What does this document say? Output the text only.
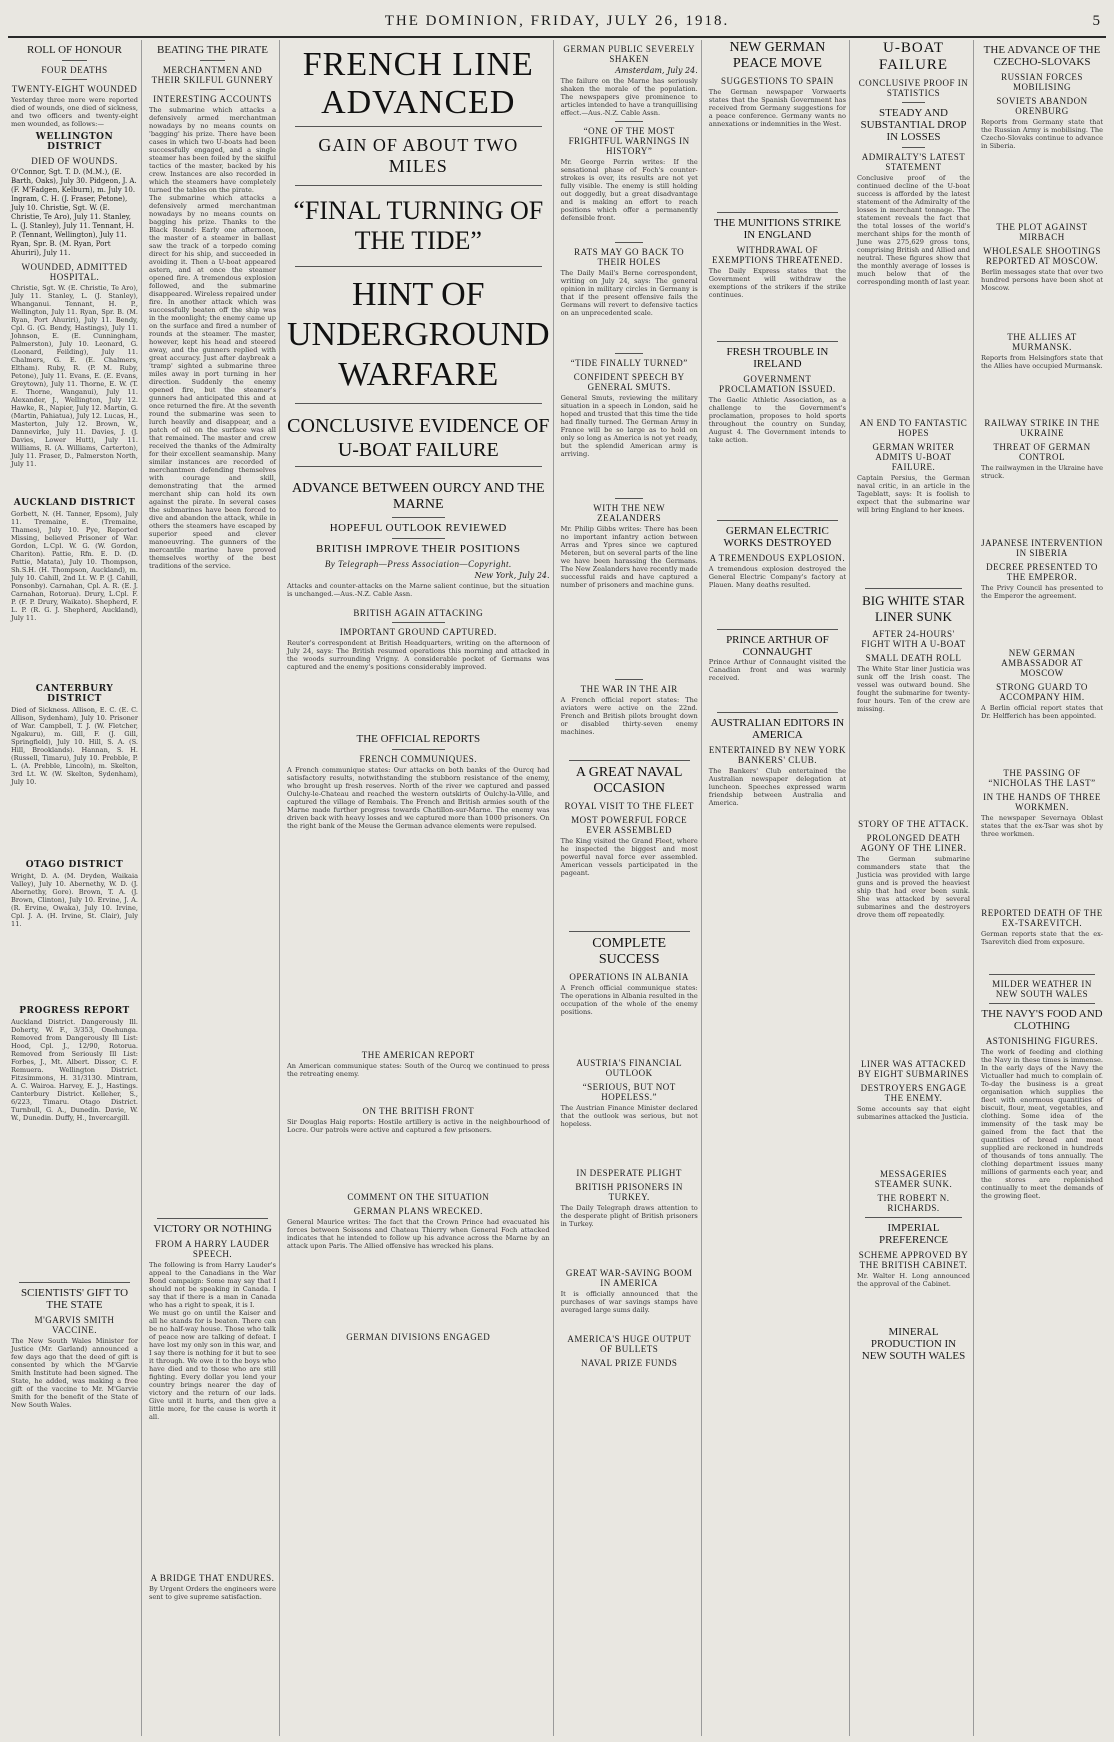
THE DOMINION, FRIDAY, JULY 26, 1918.	5
ROLL OF HONOUR
FOUR DEATHS
TWENTY-EIGHT WOUNDED
Yesterday three more were reported died of wounds, one died of sickness, and two officers and twenty-eight men wounded, as follows:—
WELLINGTON DISTRICT
DIED OF WOUNDS.
O'Connor, Sgt. T. D. (M.M.), (E. Barth, Oaks), July 30. Pidgeon, J. A. (F. M'Fadgen, Kelburn), m. July 10. Ingram, C. H. (J. Fraser, Petone), July 10. Christie, Sgt. W. (E. Christie, Te Aro), July 11. Stanley, L. (J. Stanley), July 11. Tennant, H. P. (Tennant, Wellington), July 11. Ryan, Spr. B. (M. Ryan, Port Ahuriri), July 11.
WOUNDED, ADMITTED HOSPITAL.
Christie, Sgt. W. (E. Christie, Te Aro), July 11. Stanley, L. (J. Stanley), Whanganui. Tennant, H. P., Wellington, July 11. Ryan, Spr. B. (M. Ryan, Port Ahuriri), July 11. Bendy, Cpl. G. (G. Bendy, Hastings), July 11. Johnson, E. (E. Cunningham, Palmerston), July 10. Leonard, G. (Leonard, Feilding), July 11. Chalmers, G. E. (E. Chalmers, Eltham). Ruby, R. (P. M. Ruby, Petone), July 11. Evans, E. (E. Evans, Greytown), July 11. Thorne, E. W. (T. E. Thorne, Wanganui), July 11. Alexander, J., Wellington, July 12. Hawke, R., Napier, July 12. Martin, G. (Martin, Pahiatua), July 12. Lucas, H., Masterton, July 12. Brown, W., Dannevirke, July 11. Davies, J. (J. Davies, Lower Hutt), July 11. Williams, R. (A. Williams, Carterton), July 11. Fraser, D., Palmerston North, July 11.
AUCKLAND DISTRICT
Gorbett, N. (H. Tanner, Epsom), July 11. Tremaine, E. (Tremaine, Thames), July 10. Pye, Reported Missing, believed Prisoner of War. Gordon, L.Cpl. W. G. (W. Gordon, Chariton). Pattie, Rfn. E. D. (D. Pattie, Matata), July 10. Thompson, Sh.S.H. (H. Thompson, Auckland), m. July 10. Cahill, 2nd Lt. W. P. (J. Cahill, Ponsonby). Carnahan, Cpl. A. R. (E. J. Carnahan, Rotorua). Drury, L.Cpl. F. P. (F. P. Drury, Waikato). Shepherd, F. L. P. (R. G. J. Shepherd, Auckland), July 11.
CANTERBURY DISTRICT
Died of Sickness. Allison, E. C. (E. C. Allison, Sydenham), July 10. Prisoner of War. Campbell, T. J. (W. Fletcher, Ngakuru), m. Gill, F. (J. Gill, Springfield), July 10. Hill, S. A. (S. Hill, Brooklands). Hannan, S. H. (Russell, Timaru), July 10. Prebble, P. L. (A. Prebble, Lincoln), m. Skelton, 3rd Lt. W. (W. Skelton, Sydenham), July 10.
OTAGO DISTRICT
Wright, D. A. (M. Dryden, Waikaia Valley), July 10. Abernethy, W. D. (J. Abernethy, Gore). Brown, T. A. (J. Brown, Clinton), July 10. Ervine, J. A. (R. Ervine, Owaka), July 10. Irvine, Cpl. J. A. (H. Irvine, St. Clair), July 11.
PROGRESS REPORT
Auckland District. Dangerously Ill. Doherty, W. F., 3/353, Onehunga. Removed from Dangerously Ill List: Hood, Cpl. J., 12/90, Rotorua. Removed from Seriously Ill List: Forbes, J., Mt. Albert. Dissor, C. F. Remuera. Wellington District. Fitzsimmons, H. 31/3130. Mintram, A. C. Wairoa. Harvey, E. J., Hastings. Canterbury District. Kelleher, S., 6/223, Timaru. Otago District. Turnbull, G. A., Dunedin. Davie, W. W., Dunedin. Duffy, H., Invercargill.
SCIENTISTS' GIFT TO THE STATE
M'GARVIS SMITH VACCINE.
The New South Wales Minister for Justice (Mr. Garland) announced a few days ago that the deed of gift is consented by which the M'Garvie Smith Institute had been signed. The State, he added, was making a free gift of the vaccine to Mr. M'Garvie Smith for the benefit of the State of New South Wales.
BEATING THE PIRATE
MERCHANTMEN AND THEIR SKILFUL GUNNERY
INTERESTING ACCOUNTS
The submarine which attacks a defensively armed merchantman nowadays by no means counts on 'bagging' his prize. There have been cases in which two U-boats had been successfully engaged, and a single steamer has been foiled by the skilful tactics of the master, backed by his crew. Instances are also recorded in which the steamers have completely turned the tables on the pirate.
The submarine which attacks a defensively armed merchantman nowadays by no means counts on bagging his prize. Thanks to the Black Round: Early one afternoon, the master of a steamer in ballast saw the track of a torpedo coming direct for his ship, and succeeded in avoiding it. Then a U-boat appeared astern, and at once the steamer opened fire. A tremendous explosion followed, and the submarine disappeared. Wireless repaired under fire. In another attack which was successfully beaten off the ship was in the moonlight; the enemy came up on the surface and fired a number of rounds at the steamer. The master, however, kept his head and steered away, and the gunners replied with great accuracy. Just after daybreak a 'tramp' sighted a submarine three miles away in port turning in her direction. Suddenly the enemy opened fire, but the steamer's gunners had anticipated this and at once returned the fire. At the seventh round the submarine was seen to lurch heavily and disappear, and a patch of oil on the surface was all that remained. The master and crew received the thanks of the Admiralty for their excellent seamanship. Many similar instances are recorded of merchantmen defending themselves with courage and skill, demonstrating that the armed merchant ship can hold its own against the pirate. In several cases the submarines have been forced to dive and abandon the attack, while in others the steamers have escaped by superior speed and clever manoeuvring. The gunners of the mercantile marine have proved themselves worthy of the best traditions of the service.
VICTORY OR NOTHING
FROM A HARRY LAUDER SPEECH.
The following is from Harry Lauder's appeal to the Canadians in the War Bond campaign: Some may say that I should not be speaking in Canada. I say that if there is a man in Canada who has a right to speak, it is I.
We must go on until the Kaiser and all he stands for is beaten. There can be no half-way house. Those who talk of peace now are talking of defeat. I have lost my only son in this war, and I say there is nothing for it but to see it through. We owe it to the boys who have died and to those who are still fighting. Every dollar you lend your country brings nearer the day of victory and the return of our lads. Give until it hurts, and then give a little more, for the cause is worth it all.
A BRIDGE THAT ENDURES.
By Urgent Orders the engineers were sent to give supreme satisfaction.
FRENCH LINE ADVANCED
GAIN OF ABOUT TWO MILES
“FINAL TURNING OF THE TIDE”
HINT OF UNDERGROUND WARFARE
CONCLUSIVE EVIDENCE OF U-BOAT FAILURE
ADVANCE BETWEEN OURCY AND THE MARNE
HOPEFUL OUTLOOK REVIEWED
BRITISH IMPROVE THEIR POSITIONS
By Telegraph—Press Association—Copyright.
New York, July 24.
Attacks and counter-attacks on the Marne salient continue, but the situation is unchanged.—Aus.-N.Z. Cable Assn.
BRITISH AGAIN ATTACKING
IMPORTANT GROUND CAPTURED.
Reuter's correspondent at British Headquarters, writing on the afternoon of July 24, says: The British resumed operations this morning and attacked in the woods surrounding Vrigny. A considerable pocket of Germans was captured and the enemy's positions considerably improved.
THE OFFICIAL REPORTS
FRENCH COMMUNIQUES.
A French communique states: Our attacks on both banks of the Ourcq had satisfactory results, notwithstanding the stubborn resistance of the enemy, who brought up fresh reserves. North of the river we captured and passed Oulchy-le-Chateau and reached the western outskirts of Oulchy-la-Ville, and captured the village of Rembais. The French and British armies south of the Marne made further progress towards Chatillon-sur-Marne. The enemy was driven back with heavy losses and we captured more than 1000 prisoners. On the right bank of the Meuse the German advance elements were repulsed.
THE AMERICAN REPORT
An American communique states: South of the Ourcq we continued to press the retreating enemy.
ON THE BRITISH FRONT
Sir Douglas Haig reports: Hostile artillery is active in the neighbourhood of Locre. Our patrols were active and captured a few prisoners.
COMMENT ON THE SITUATION
GERMAN PLANS WRECKED.
General Maurice writes: The fact that the Crown Prince had evacuated his forces between Soissons and Chateau Thierry when General Foch attacked indicates that he intended to follow up his advance across the Marne by an attack upon Paris. The Allied offensive has wrecked his plans.
GERMAN DIVISIONS ENGAGED
GERMAN PUBLIC SEVERELY SHAKEN
Amsterdam, July 24.
The failure on the Marne has seriously shaken the morale of the population. The newspapers give prominence to articles intended to have a tranquillising effect.—Aus.-N.Z. Cable Assn.
“ONE OF THE MOST FRIGHTFUL WARNINGS IN HISTORY”
Mr. George Perrin writes: If the sensational phase of Foch's counter-strokes is over, its results are not yet fully visible. The enemy is still holding out doggedly, but a great disadvantage and is making an effort to reach positions which offer a permanently defensible front.
RATS MAY GO BACK TO THEIR HOLES
The Daily Mail's Berne correspondent, writing on July 24, says: The general opinion in military circles in Germany is that if the present offensive fails the Germans will revert to defensive tactics on an unprecedented scale.
“TIDE FINALLY TURNED”
CONFIDENT SPEECH BY GENERAL SMUTS.
General Smuts, reviewing the military situation in a speech in London, said he hoped and trusted that this time the tide had finally turned. The German Army in France will be so large as to hold on only so long as America is not yet ready, but the splendid American army is arriving.
WITH THE NEW ZEALANDERS
Mr. Philip Gibbs writes: There has been no important infantry action between Arras and Ypres since we captured Meteren, but on several parts of the line we have been harassing the Germans. The New Zealanders have recently made successful raids and have captured a number of prisoners and machine guns.
THE WAR IN THE AIR
A French official report states: The aviators were active on the 22nd. French and British pilots brought down or disabled thirty-seven enemy machines.
A GREAT NAVAL OCCASION
ROYAL VISIT TO THE FLEET
MOST POWERFUL FORCE EVER ASSEMBLED
The King visited the Grand Fleet, where he inspected the biggest and most powerful naval force ever assembled. American vessels participated in the pageant.
COMPLETE SUCCESS
OPERATIONS IN ALBANIA
A French official communique states: The operations in Albania resulted in the occupation of the whole of the enemy positions.
AUSTRIA'S FINANCIAL OUTLOOK
“SERIOUS, BUT NOT HOPELESS.”
The Austrian Finance Minister declared that the outlook was serious, but not hopeless.
IN DESPERATE PLIGHT
BRITISH PRISONERS IN TURKEY.
The Daily Telegraph draws attention to the desperate plight of British prisoners in Turkey.
GREAT WAR-SAVING BOOM IN AMERICA
It is officially announced that the purchases of war savings stamps have averaged large sums daily.
AMERICA'S HUGE OUTPUT OF BULLETS
NAVAL PRIZE FUNDS
NEW GERMAN PEACE MOVE
SUGGESTIONS TO SPAIN
The German newspaper Vorwaerts states that the Spanish Government has received from Germany suggestions for a peace conference. Germany wants no annexations or indemnities in the West.
THE MUNITIONS STRIKE IN ENGLAND
WITHDRAWAL OF EXEMPTIONS THREATENED.
The Daily Express states that the Government will withdraw the exemptions of the strikers if the strike continues.
FRESH TROUBLE IN IRELAND
GOVERNMENT PROCLAMATION ISSUED.
The Gaelic Athletic Association, as a challenge to the Government's proclamation, proposes to hold sports throughout the country on Sunday, August 4. The Government intends to take action.
GERMAN ELECTRIC WORKS DESTROYED
A TREMENDOUS EXPLOSION.
A tremendous explosion destroyed the General Electric Company's factory at Plauen. Many deaths resulted.
PRINCE ARTHUR OF CONNAUGHT
Prince Arthur of Connaught visited the Canadian front and was warmly received.
AUSTRALIAN EDITORS IN AMERICA
ENTERTAINED BY NEW YORK BANKERS' CLUB.
The Bankers' Club entertained the Australian newspaper delegation at luncheon. Speeches expressed warm friendship between Australia and America.
U-BOAT FAILURE
CONCLUSIVE PROOF IN STATISTICS
STEADY AND SUBSTANTIAL DROP IN LOSSES
ADMIRALTY'S LATEST STATEMENT
Conclusive proof of the continued decline of the U-boat success is afforded by the latest statement of the Admiralty of the losses in merchant tonnage. The statement reveals the fact that the total losses of the world's merchant ships for the month of June was 275,629 gross tons, comprising British and Allied and neutral. These figures show that the monthly average of losses is much below that of the corresponding month of last year.
AN END TO FANTASTIC HOPES
GERMAN WRITER ADMITS U-BOAT FAILURE.
Captain Persius, the German naval critic, in an article in the Tageblatt, says: It is foolish to expect that the submarine war will bring England to her knees.
BIG WHITE STAR LINER SUNK
AFTER 24-HOURS' FIGHT WITH A U-BOAT
SMALL DEATH ROLL
The White Star liner Justicia was sunk off the Irish coast. The vessel was outward bound. She fought the submarine for twenty-four hours. Ten of the crew are missing.
STORY OF THE ATTACK.
PROLONGED DEATH AGONY OF THE LINER.
The German submarine commanders state that the Justicia was provided with large guns and is proved the heaviest ship that had ever been sunk. She was attacked by several submarines and the destroyers drove them off repeatedly.
LINER WAS ATTACKED BY EIGHT SUBMARINES
DESTROYERS ENGAGE THE ENEMY.
Some accounts say that eight submarines attacked the Justicia.
MESSAGERIES STEAMER SUNK.
THE ROBERT N. RICHARDS.
IMPERIAL PREFERENCE
SCHEME APPROVED BY THE BRITISH CABINET.
Mr. Walter H. Long announced the approval of the Cabinet.
MINERAL PRODUCTION IN NEW SOUTH WALES
THE ADVANCE OF THE CZECHO-SLOVAKS
RUSSIAN FORCES MOBILISING
SOVIETS ABANDON ORENBURG
Reports from Germany state that the Russian Army is mobilising. The Czecho-Slovaks continue to advance in Siberia.
THE PLOT AGAINST MIRBACH
WHOLESALE SHOOTINGS REPORTED AT MOSCOW.
Berlin messages state that over two hundred persons have been shot at Moscow.
THE ALLIES AT MURMANSK.
Reports from Helsingfors state that the Allies have occupied Murmansk.
RAILWAY STRIKE IN THE UKRAINE
THREAT OF GERMAN CONTROL
The railwaymen in the Ukraine have struck.
JAPANESE INTERVENTION IN SIBERIA
DECREE PRESENTED TO THE EMPEROR.
The Privy Council has presented to the Emperor the agreement.
NEW GERMAN AMBASSADOR AT MOSCOW
STRONG GUARD TO ACCOMPANY HIM.
A Berlin official report states that Dr. Helfferich has been appointed.
THE PASSING OF “NICHOLAS THE LAST”
IN THE HANDS OF THREE WORKMEN.
The newspaper Severnaya Oblast states that the ex-Tsar was shot by three workmen.
REPORTED DEATH OF THE EX-TSAREVITCH.
German reports state that the ex-Tsarevitch died from exposure.
MILDER WEATHER IN NEW SOUTH WALES
THE NAVY'S FOOD AND CLOTHING
ASTONISHING FIGURES.
The work of feeding and clothing the Navy in these times is immense. In the early days of the Navy the Victualler had much to complain of. To-day the business is a great organisation which supplies the fleet with enormous quantities of biscuit, flour, meat, vegetables, and clothing. Some idea of the immensity of the task may be gained from the fact that the quantities of bread and meat supplied are reckoned in hundreds of thousands of tons annually. The clothing department issues many millions of garments each year, and the stores are replenished continually to meet the demands of the growing fleet.
